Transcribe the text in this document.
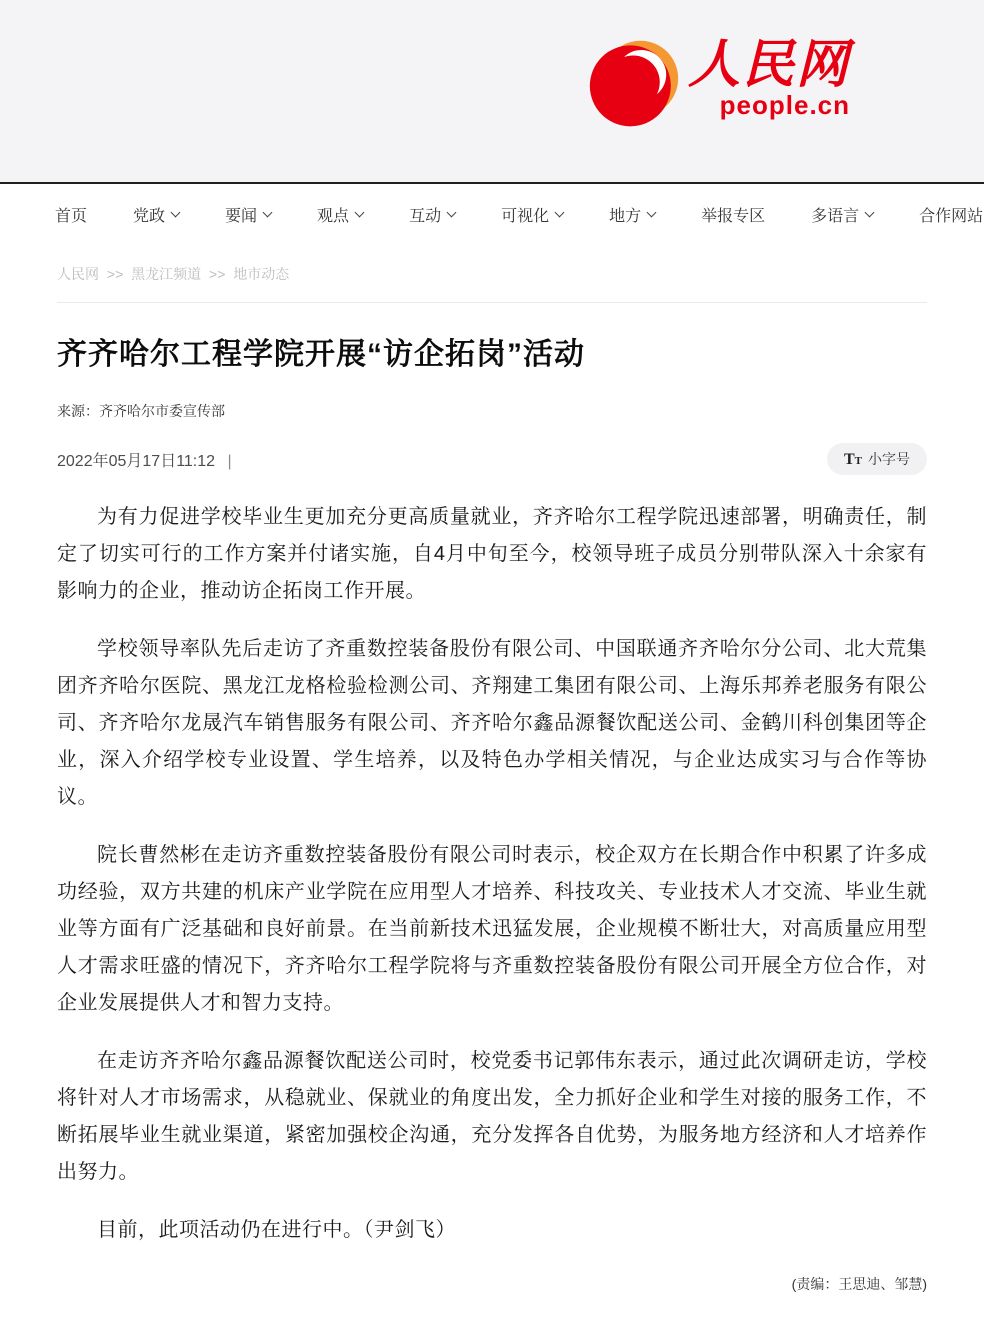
人民网
people.cn
首页	党政	要闻	观点	互动	可视化	地方	举报专区	多语言	合作网站
人民网 >> 黑龙江频道 >> 地市动态
齐齐哈尔工程学院开展“访企拓岗”活动
来源：齐齐哈尔市委宣传部
2022年05月17日11:12 |	T T 小字号

为有力促进学校毕业生更加充分更高质量就业，齐齐哈尔工程学院迅速部署，明确责任，制定了切实可行的工作方案并付诸实施，自4月中旬至今，校领导班子成员分别带队深入十余家有影响力的企业，推动访企拓岗工作开展。

学校领导率队先后走访了齐重数控装备股份有限公司、中国联通齐齐哈尔分公司、北大荒集团齐齐哈尔医院、黑龙江龙格检验检测公司、齐翔建工集团有限公司、上海乐邦养老服务有限公司、齐齐哈尔龙晟汽车销售服务有限公司、齐齐哈尔鑫品源餐饮配送公司、金鹤川科创集团等企业，深入介绍学校专业设置、学生培养，以及特色办学相关情况，与企业达成实习与合作等协议。

院长曹然彬在走访齐重数控装备股份有限公司时表示，校企双方在长期合作中积累了许多成功经验，双方共建的机床产业学院在应用型人才培养、科技攻关、专业技术人才交流、毕业生就业等方面有广泛基础和良好前景。在当前新技术迅猛发展，企业规模不断壮大，对高质量应用型人才需求旺盛的情况下，齐齐哈尔工程学院将与齐重数控装备股份有限公司开展全方位合作，对企业发展提供人才和智力支持。

在走访齐齐哈尔鑫品源餐饮配送公司时，校党委书记郭伟东表示，通过此次调研走访，学校将针对人才市场需求，从稳就业、保就业的角度出发，全力抓好企业和学生对接的服务工作，不断拓展毕业生就业渠道，紧密加强校企沟通，充分发挥各自优势，为服务地方经济和人才培养作出努力。

目前，此项活动仍在进行中。（尹剑飞）

(责编：王思迪、邹慧)
